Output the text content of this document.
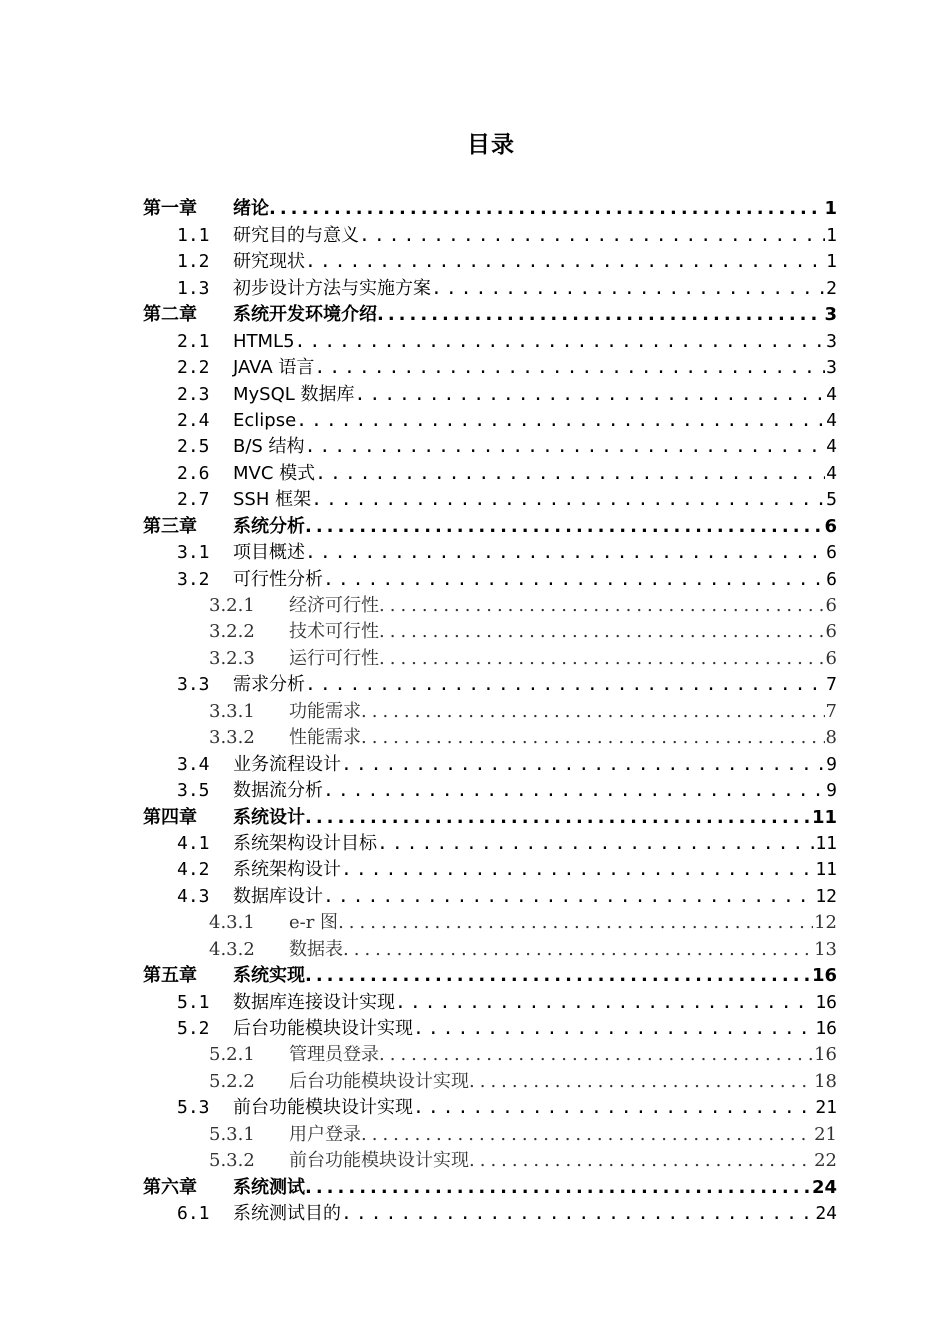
目录
第一章	绪论 .....	1
1.1	研究目的与意义 .....	1
1.2	研究现状 .....	1
1.3	初步设计方法与实施方案 .....	2
第二章	系统开发环境介绍 .....	3
2.1	HTML5 .....	3
2.2	JAVA 语言 .....	3
2.3	MySQL 数据库 .....	4
2.4	Eclipse .....	4
2.5	B/S 结构 .....	4
2.6	MVC 模式 .....	4
2.7	SSH 框架 .....	5
第三章	系统分析 .....	6
3.1	项目概述 .....	6
3.2	可行性分析 .....	6
3.2.1	经济可行性 .....	6
3.2.2	技术可行性 .....	6
3.2.3	运行可行性 .....	6
3.3	需求分析 .....	7
3.3.1	功能需求 .....	7
3.3.2	性能需求 .....	8
3.4	业务流程设计 .....	9
3.5	数据流分析 .....	9
第四章	系统设计 .....	11
4.1	系统架构设计目标 .....	11
4.2	系统架构设计 .....	11
4.3	数据库设计 .....	12
4.3.1	e-r 图 .....	12
4.3.2	数据表 .....	13
第五章	系统实现 .....	16
5.1	数据库连接设计实现 .....	16
5.2	后台功能模块设计实现 .....	16
5.2.1	管理员登录 .....	16
5.2.2	后台功能模块设计实现 .....	18
5.3	前台功能模块设计实现 .....	21
5.3.1	用户登录 .....	21
5.3.2	前台功能模块设计实现 .....	22
第六章	系统测试 .....	24
6.1	系统测试目的 .....	24
